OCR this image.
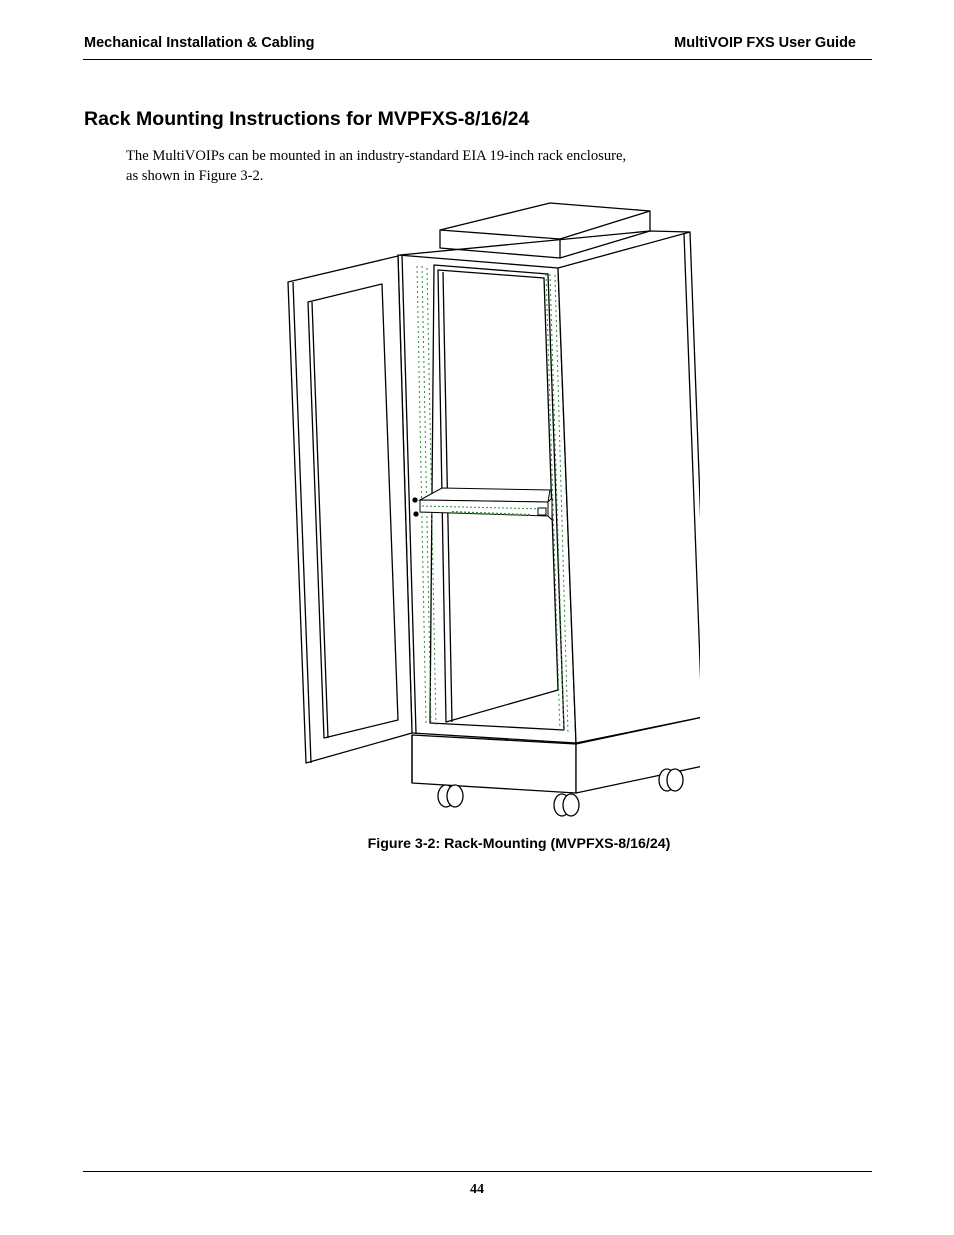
Mechanical Installation & Cabling	MultiVOIP FXS User Guide
Rack Mounting Instructions for MVPFXS-8/16/24

The MultiVOIPs can be mounted in an industry-standard EIA 19-inch rack enclosure,
as shown in Figure 3-2.

Figure 3-2: Rack-Mounting (MVPFXS-8/16/24)

44
